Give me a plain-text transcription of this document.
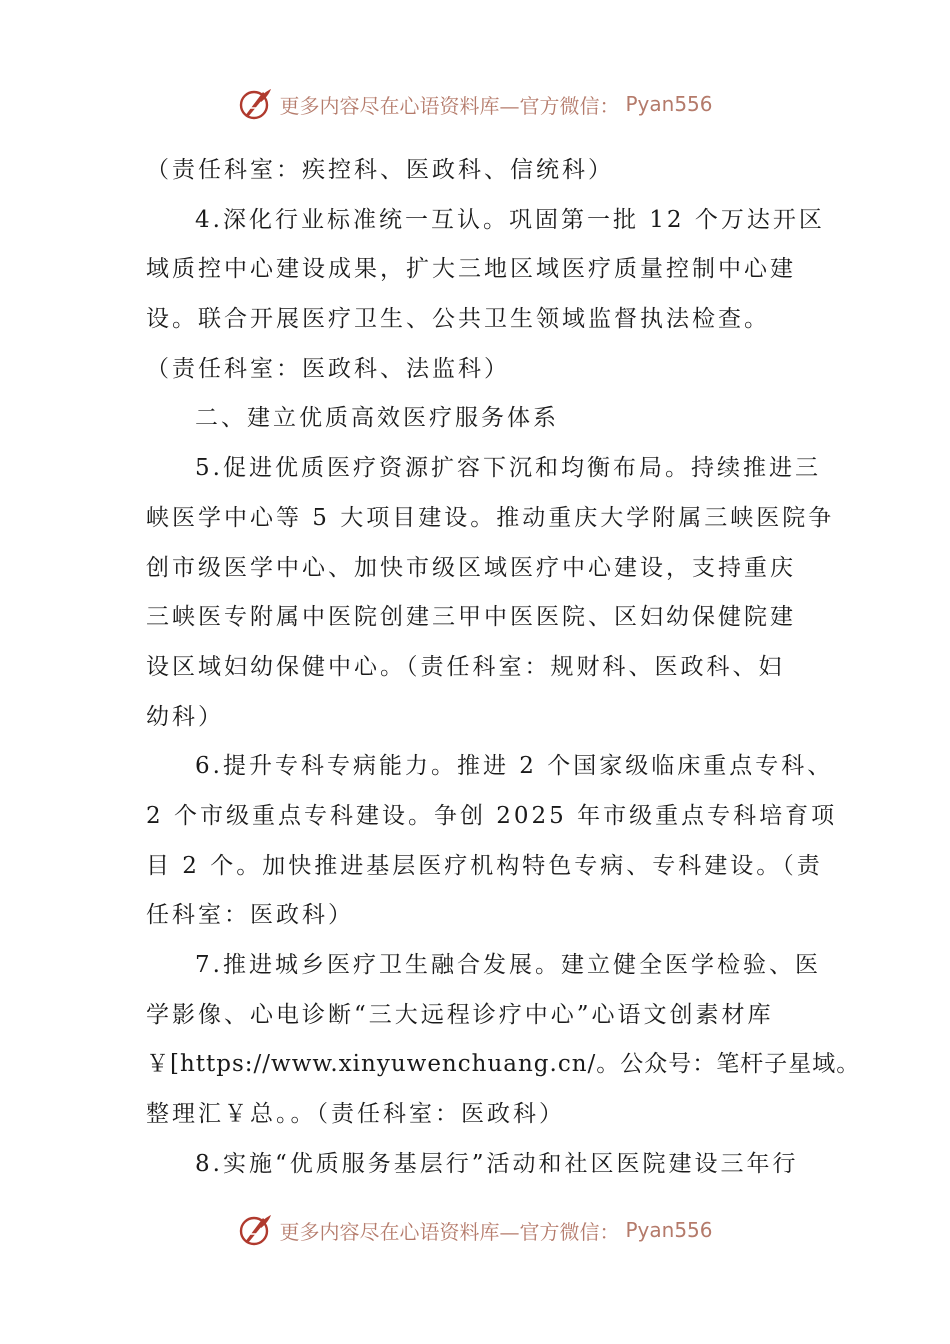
更多内容尽在心语资料库—官方微信： Pyan556
（责任科室：疾控科、医政科、信统科）
4.深化行业标准统一互认。巩固第一批 12 个万达开区
域质控中心建设成果，扩大三地区域医疗质量控制中心建
设。联合开展医疗卫生、公共卫生领域监督执法检查。
（责任科室：医政科、法监科）
二、建立优质高效医疗服务体系
5.促进优质医疗资源扩容下沉和均衡布局。持续推进三
峡医学中心等 5 大项目建设。推动重庆大学附属三峡医院争
创市级医学中心、加快市级区域医疗中心建设，支持重庆
三峡医专附属中医院创建三甲中医医院、区妇幼保健院建
设区域妇幼保健中心。（责任科室：规财科、医政科、妇
幼科）
6.提升专科专病能力。推进 2 个国家级临床重点专科、
2 个市级重点专科建设。争创 2025 年市级重点专科培育项
目 2 个。加快推进基层医疗机构特色专病、专科建设。（责
任科室：医政科）
7.推进城乡医疗卫生融合发展。建立健全医学检验、医
学影像、心电诊断“三大远程诊疗中心”心语文创素材库
￥[https://www.xinyuwenchuang.cn/。公众号：笔杆子星域。
整理汇￥总。。（责任科室：医政科）
8.实施“优质服务基层行”活动和社区医院建设三年行
更多内容尽在心语资料库—官方微信： Pyan556
